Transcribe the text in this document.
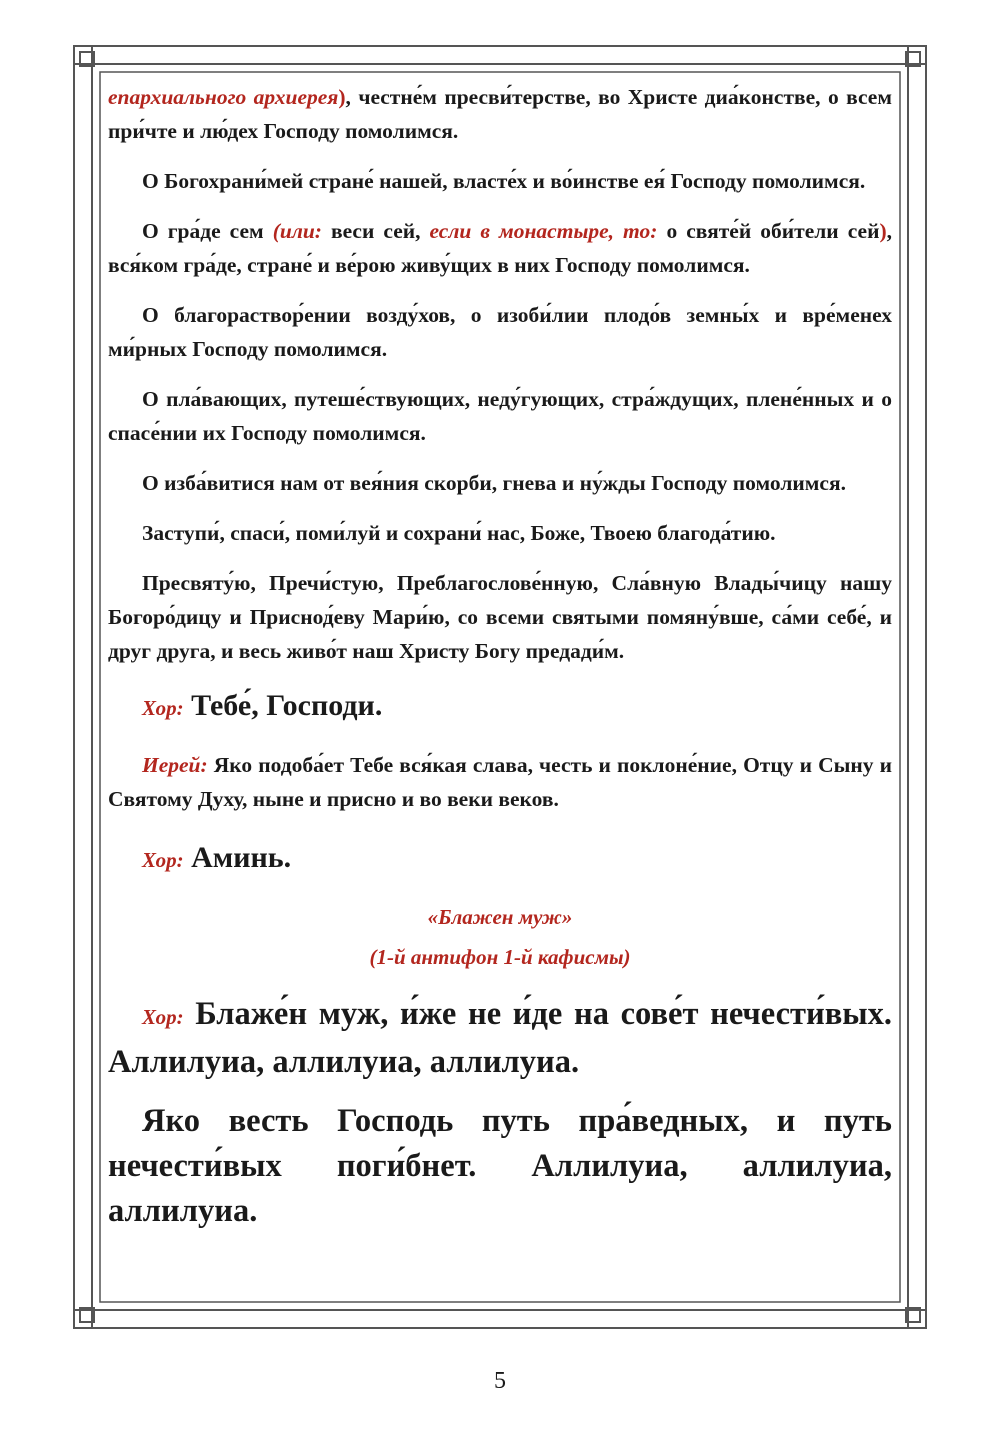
епархиального архиерея), честне́м пресви́терстве, во Христе диа́констве, о всем при́чте и лю́дех Господу помолимся.

О Богохрани́мей стране́ нашей, власте́х и во́инстве ея́ Господу помолимся.

О гра́де сем (или: веси сей, если в монастыре, то: о святе́й оби́тели сей), вся́ком гра́де, стране́ и ве́рою живу́щих в них Господу помолимся.

О благораствор́ении возду́хов, о изоби́лии плодо́в земны́х и вре́менех ми́рных Господу помолимся.

О пла́вающих, путеше́ствующих, неду́гующих, стра́ждущих, плене́нных и о спасе́нии их Господу помолимся.

О изба́витися нам от вея́ния скорби, гнева и ну́жды Господу помолимся.

Заступи́, спаси́, поми́луй и сохрани́ нас, Боже, Твоею благода́тию.

Пресвяту́ю, Пречи́стую, Преблагослове́нную, Сла́вную Влады́чицу нашу Богоро́дицу и Приснод́еву Мари́ю, со всеми святыми помяну́вше, са́ми себе́, и друг друга, и весь живо́т наш Христу Богу предади́м.

Хор: Тебе́, Господи.

Иерей: Яко подоба́ет Тебе вся́кая слава, честь и поклоне́ние, Отцу и Сыну и Святому Духу, ныне и присно и во веки веков.

Хор: Аминь.

«Блажен муж»

(1-й антифон 1-й кафисмы)

Хор: Блаже́н муж, и́же не и́де на сове́т нечести́вых. Аллилуиа, аллилуиа, аллилуиа.

Яко весть Господь путь пра́ведных, и путь нечести́вых поги́бнет. Аллилуиа, аллилуиа, аллилуиа.

5
